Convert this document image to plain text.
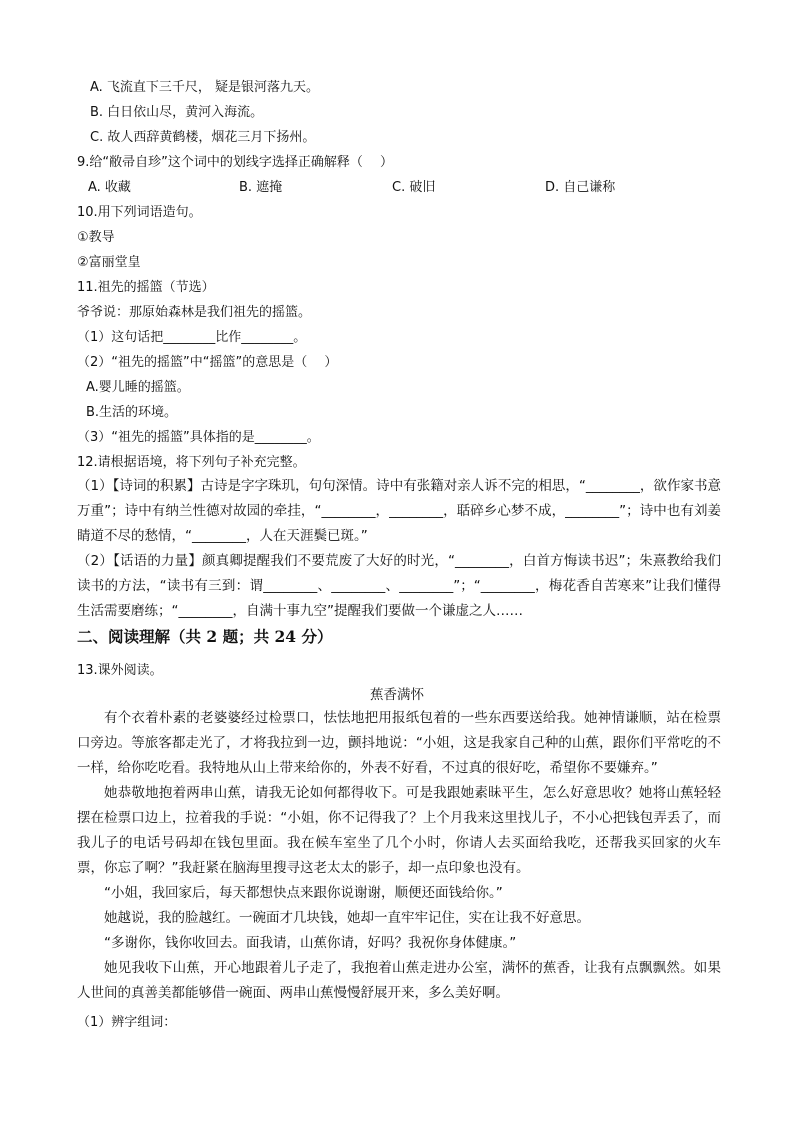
A. 飞流直下三千尺， 疑是银河落九天。
B. 白日依山尽，黄河入海流。
C. 故人西辞黄鹤楼，烟花三月下扬州。
9.给“敝帚自珍”这个词中的划线字选择正确解释（　 ）
A. 收藏	B. 遮掩	C. 破旧	D. 自己谦称
10.用下列词语造句。
①教导
②富丽堂皇
11.祖先的摇篮（节选）
爷爷说：那原始森林是我们祖先的摇篮。
（1）这句话把________比作________。
（2）“祖先的摇篮”中“摇篮”的意思是（　 ）
A.婴儿睡的摇篮。
B.生活的环境。
（3）“祖先的摇篮”具体指的是________。
12.请根据语境，将下列句子补充完整。
（1）【诗词的积累】古诗是字字珠玑，句句深情。诗中有张籍对亲人诉不完的相思，“________，欲作家书意万重”；诗中有纳兰性德对故园的牵挂，“________，________，聒碎乡心梦不成，________”；诗中也有刘姜睛道不尽的愁情，“________，人在天涯鬓已斑。”
（2）【话语的力量】颜真卿提醒我们不要荒废了大好的时光，“________，白首方悔读书迟”；朱熹教给我们读书的方法，“读书有三到：谓________、________、________”；“________，梅花香自苦寒来”让我们懂得生活需要磨练；“________，自满十事九空”提醒我们要做一个谦虚之人……
二、阅读理解（共 2 题；共 24 分）
13.课外阅读。
蕉香满怀
有个衣着朴素的老婆婆经过检票口，怯怯地把用报纸包着的一些东西要送给我。她神情谦顺，站在检票口旁边。等旅客都走光了，才将我拉到一边，颤抖地说：“小姐，这是我家自己种的山蕉，跟你们平常吃的不一样，给你吃吃看。我特地从山上带来给你的，外表不好看，不过真的很好吃，希望你不要嫌弃。”
她恭敬地抱着两串山蕉，请我无论如何都得收下。可是我跟她素昧平生，怎么好意思收？她将山蕉轻轻摆在检票口边上，拉着我的手说：“小姐，你不记得我了？上个月我来这里找儿子，不小心把钱包弄丢了，而我儿子的电话号码却在钱包里面。我在候车室坐了几个小时，你请人去买面给我吃，还帮我买回家的火车票，你忘了啊？”我赶紧在脑海里搜寻这老太太的影子，却一点印象也没有。
“小姐，我回家后，每天都想快点来跟你说谢谢，顺便还面钱给你。”
她越说，我的脸越红。一碗面才几块钱，她却一直牢牢记住，实在让我不好意思。
“多谢你，钱你收回去。面我请，山蕉你请，好吗？我祝你身体健康。”
她见我收下山蕉，开心地跟着儿子走了，我抱着山蕉走进办公室，满怀的蕉香，让我有点飘飘然。如果人世间的真善美都能够借一碗面、两串山蕉慢慢舒展开来，多么美好啊。
（1）辨字组词：
